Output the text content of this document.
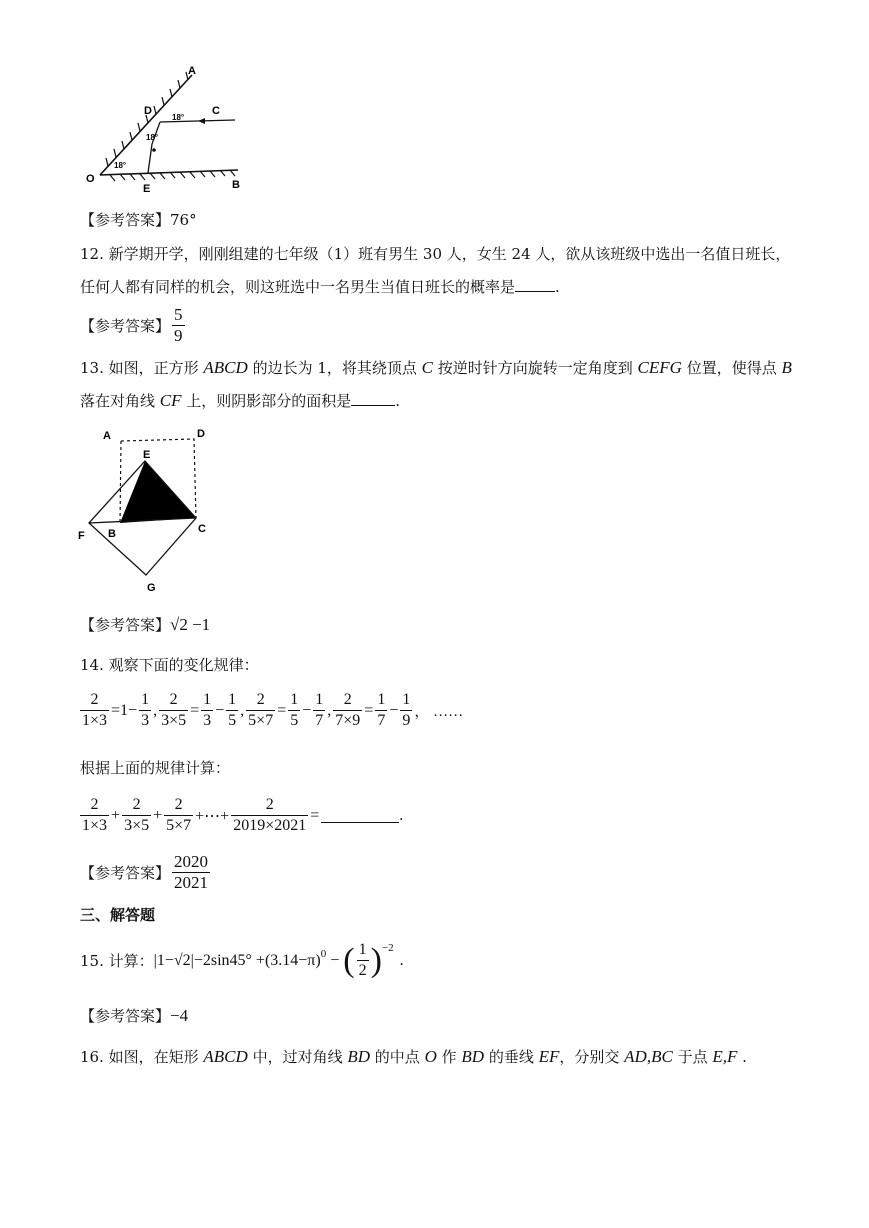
A
B
C
D
E
O
18°
18°
18°
【参考答案】76°
12. 新学期开学，刚刚组建的七年级（1）班有男生 30 人，女生 24 人，欲从该班级中选出一名值日班长，
任何人都有同样的机会，则这班选中一名男生当值日班长的概率是	.
【参考答案】 $\frac{5}{9}$
13. 如图，正方形 ABCD 的边长为 1，将其绕顶点 C 按逆时针方向旋转一定角度到 CEFG 位置，使得点 B
落在对角线 CF 上，则阴影部分的面积是	.
A	D
E
F B	C
G
【参考答案】√2 −1
14. 观察下面的变化规律：
$\frac{2}{1\times 3} =1- \frac{1}{3}$ , $\frac{2}{3\times 5} = \frac{1}{3} - \frac{1}{5}$ , $\frac{2}{5\times 7} = \frac{1}{5} - \frac{1}{7}$ , $\frac{2}{7\times 9} = \frac{1}{7} - \frac{1}{9}$ ， ……
根据上面的规律计算：
$\frac{2}{1\times 3} + \frac{2}{3\times 5} + \frac{2}{5\times 7}$ +⋯+ $\frac{2}{2019\times 2021}$ =	.
【参考答案】 $\frac{2020}{2021}$
三、解答题
15. 计算： $|1-√2|-2\sin 45^\circ +(3.14-\pi)^0$ − ( $\frac{1}{2} )^{-2}$
.
【参考答案】−4
16. 如图，在矩形 ABCD 中，过对角线 BD 的中点 O 作 BD 的垂线 EF，分别交 AD,BC 于点 E,F .
